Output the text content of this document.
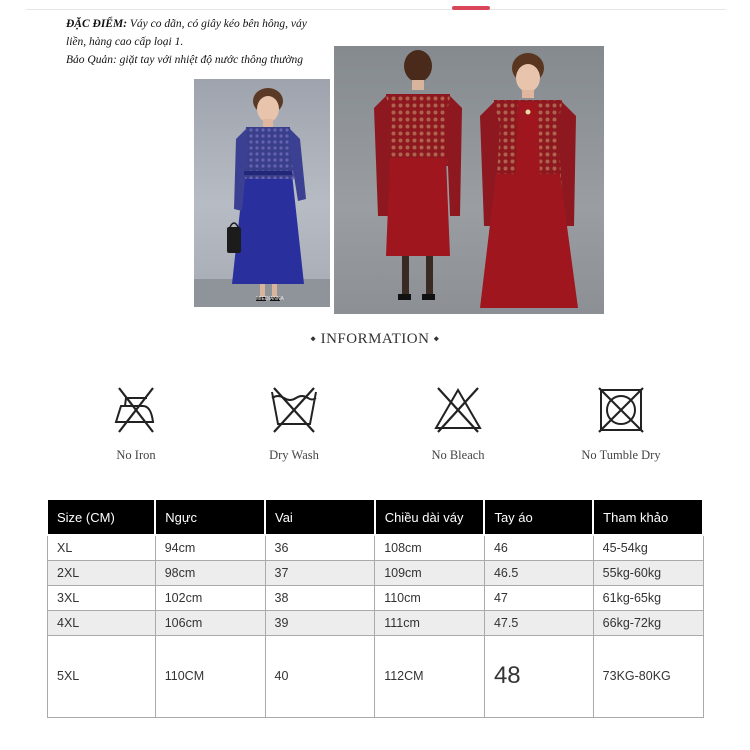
ĐẶC ĐIỂM: Váy co dãn, có giây kéo bên hông, váy liền, hàng cao cấp loại 1.
Bảo Quản: giặt tay với nhiệt độ nước thông thường
MIEDIANNA
⬩ INFORMATION ⬩
No Iron	Dry Wash	No Bleach	No Tumble Dry
Size (CM)	Ngực	Vai	Chiều dài váy	Tay áo	Tham khảo
XL	94cm	36	108cm	46	45-54kg
2XL	98cm	37	109cm	46.5	55kg-60kg
3XL	102cm	38	110cm	47	61kg-65kg
4XL	106cm	39	111cm	47.5	66kg-72kg
5XL	110CM	40	112CM	48	73KG-80KG
